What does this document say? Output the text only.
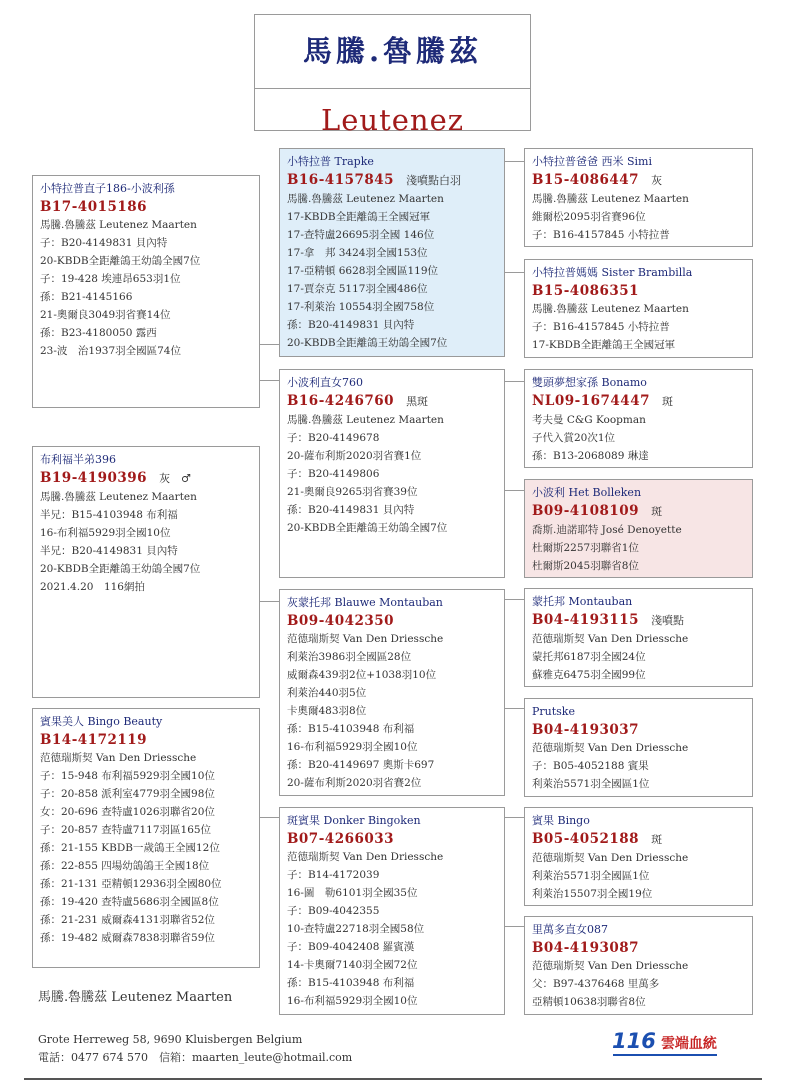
馬騰.魯騰茲
Leutenez
小特拉普直子186-小波利孫
B17-4015186
馬騰.魯騰茲 Leutenez Maarten
子：B20-4149831 貝內特
20-KBDB全距離鴿王幼鴿全國7位
子：19-428 埃連昂653羽1位
孫：B21-4145166
21-奧爾良3049羽省賽14位
孫：B23-4180050 露西
23-波　治1937羽全國區74位
布利福半弟396
B19-4190396 灰　♂
馬騰.魯騰茲 Leutenez Maarten
半兄：B15-4103948 布利福
16-布利福5929羽全國10位
半兄：B20-4149831 貝內特
20-KBDB全距離鴿王幼鴿全國7位
2021.4.20　116網拍
賓果美人 Bingo Beauty
B14-4172119
范德瑞斯契 Van Den Driessche
子：15-948 布利福5929羽全國10位
子：20-858 派利室4779羽全國98位
女：20-696 查特盧1026羽聯省20位
子：20-857 查特盧7117羽區165位
孫：21-155 KBDB一歲鴿王全國12位
孫：22-855 四場幼鴿鴿王全國18位
孫：21-131 亞精頓12936羽全國80位
孫：19-420 查特盧5686羽全國區8位
孫：21-231 威爾森4131羽聯省52位
孫：19-482 威爾森7838羽聯省59位
小特拉普 Trapke
B16-4157845 淺噴點白羽
馬騰.魯騰茲 Leutenez Maarten
17-KBDB全距離鴿王全國冠軍
17-查特盧26695羽全國 146位
17-拿　邦 3424羽全國153位
17-亞精頓 6628羽全國區119位
17-賈奈克 5117羽全國486位
17-利萊治 10554羽全國758位
孫：B20-4149831 貝內特
20-KBDB全距離鴿王幼鴿全國7位
小波利直女760
B16-4246760 黑斑
馬騰.魯騰茲 Leutenez Maarten
子：B20-4149678
20-薩布利斯2020羽省賽1位
子：B20-4149806
21-奧爾良9265羽省賽39位
孫：B20-4149831 貝內特
20-KBDB全距離鴿王幼鴿全國7位
灰蒙托邦 Blauwe Montauban
B09-4042350
范德瑞斯契 Van Den Driessche
利萊治3986羽全國區28位
威爾森439羽2位+1038羽10位
利萊治440羽5位
卡奧爾483羽8位
孫：B15-4103948 布利福
16-布利福5929羽全國10位
孫：B20-4149697 奧斯卡697
20-薩布利斯2020羽省賽2位
斑賓果 Donker Bingoken
B07-4266033
范德瑞斯契 Van Den Driessche
子：B14-4172039
16-圖　勒6101羽全國35位
子：B09-4042355
10-查特盧22718羽全國58位
子：B09-4042408 羅賓漢
14-卡奧爾7140羽全國72位
孫：B15-4103948 布利福
16-布利福5929羽全國10位
小特拉普爸爸 西米 Simi
B15-4086447 灰
馬騰.魯騰茲 Leutenez Maarten
維爾松2095羽省賽96位
子：B16-4157845 小特拉普
小特拉普媽媽 Sister Brambilla
B15-4086351
馬騰.魯騰茲 Leutenez Maarten
子：B16-4157845 小特拉普
17-KBDB全距離鴿王全國冠軍
雙頭夢想家孫 Bonamo
NL09-1674447 斑
考夫曼 C&G Koopman
子代入賞20次1位
孫：B13-2068089 琳達
小波利 Het Bolleken
B09-4108109 斑
喬斯.迪諾耶特 José Denoyette
杜爾斯2257羽聯省1位
杜爾斯2045羽聯省8位
蒙托邦 Montauban
B04-4193115 淺噴點
范德瑞斯契 Van Den Driessche
蒙托邦6187羽全國24位
蘇雅克6475羽全國99位
Prutske
B04-4193037
范德瑞斯契 Van Den Driessche
子：B05-4052188 賓果
利萊治5571羽全國區1位
賓果 Bingo
B05-4052188 斑
范德瑞斯契 Van Den Driessche
利萊治5571羽全國區1位
利萊治15507羽全國19位
里萬多直女087
B04-4193087
范德瑞斯契 Van Den Driessche
父：B97-4376468 里萬多
亞精頓10638羽聯省8位
馬騰.魯騰茲 Leutenez Maarten
Grote Herreweg 58, 9690 Kluisbergen Belgium
電話：0477 674 570　信箱：maarten_leute@hotmail.com
116 雲端血統
